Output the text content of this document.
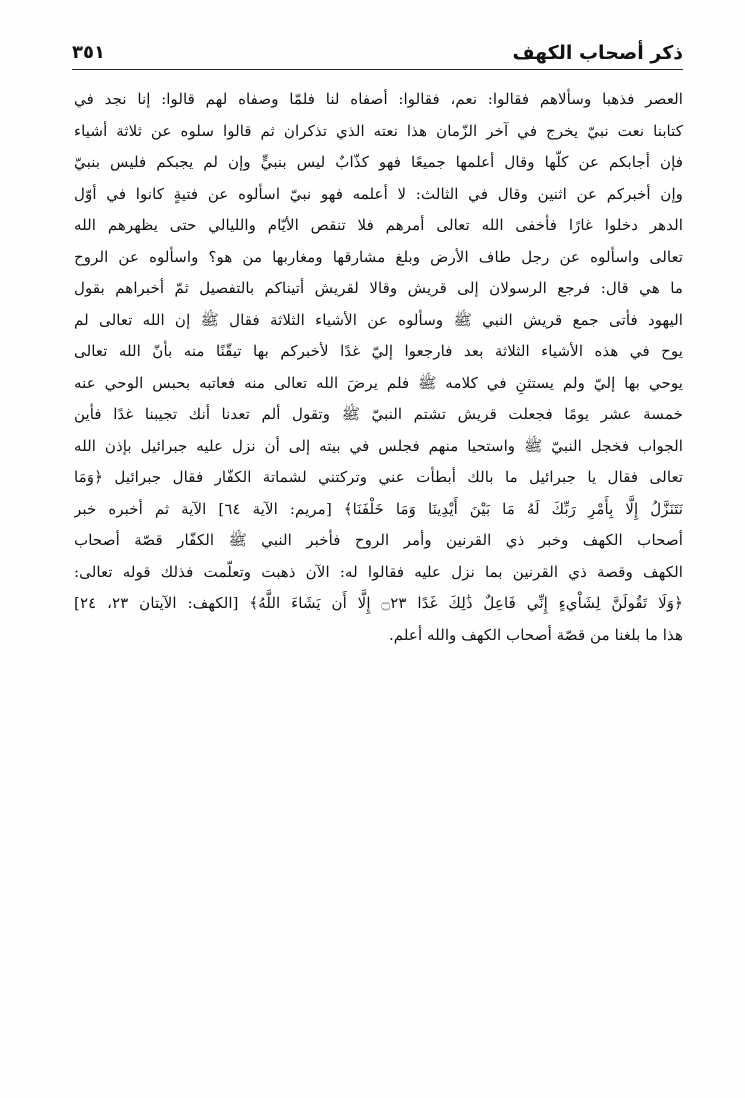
ذكر أصحاب الكهف
٣٥١
العصر فذهبا وسألاهم فقالوا: نعم، فقالوا: أصفاه لنا فلمّا وصفاه لهم قالوا: إنا نجد في
كتابنا نعت نبيّ يخرج في آخر الزّمان هذا نعته الذي تذكران ثم قالوا سلوه عن ثلاثة أشياء
فإن أجابكم عن كلّها وقال أعلمها جميعًا فهو كذّابٌ ليس بنبيٍّ وإن لم يجبكم فليس بنبيّ
وإن أخبركم عن اثنين وقال في الثالث: لا أعلمه فهو نبيّ اسألوه عن فتيةٍ كانوا في أوّل
الدهر دخلوا غارًا فأخفى الله تعالى أمرهم فلا تنقص الأيّام والليالي حتى يظهرهم الله
تعالى واسألوه عن رجل طاف الأرض وبلغ مشارقها ومغاربها من هو؟ واسألوه عن الروح
ما هي قال: فرجع الرسولان إلى قريش وقالا لقريش أتيناكم بالتفصيل ثمّ أخبراهم بقول
اليهود فأتى جمع قريش النبي ﷺ وسألوه عن الأشياء الثلاثة فقال ﷺ إن الله تعالى لم
يوح في هذه الأشياء الثلاثة بعد فارجعوا إليّ غدًا لأخبركم بها تيقّنًا منه بأنّ الله تعالى
يوحي بها إليّ ولم يستثنِ في كلامه ﷺ فلم يرضَ الله تعالى منه فعاتبه بحبس الوحي عنه
خمسة عشر يومًا فجعلت قريش تشتم النبيّ ﷺ وتقول ألم تعدنا أنك تجيبنا غدًا فأين
الجواب فخجل النبيّ ﷺ واستحيا منهم فجلس في بيته إلى أن نزل عليه جبرائيل بإذن الله
تعالى فقال يا جبرائيل ما بالك أبطأت عني وتركتني لشماتة الكفّار فقال جبرائيل ﴿وَمَا
نَتَنَزَّلُ إِلَّا بِأَمْرِ رَبِّكَ لَهُ مَا بَيْنَ أَيْدِينَا وَمَا خَلْفَنَا﴾ [مريم: الآية ٦٤] الآية ثم أخبره خبر
أصحاب الكهف وخبر ذي القرنين وأمر الروح فأخبر النبي ﷺ الكفّار قصّة أصحاب
الكهف وقصة ذي القرنين بما نزل عليه فقالوا له: الآن ذهبت وتعلّمت فذلك قوله تعالى:
﴿وَلَا تَقُولَنَّ لِشَاْيءٍ إِنِّي فَاعِلٌ ذَٰلِكَ غَدًا ۝٢٣ إِلَّا أَن يَشَاءَ اللَّهُ﴾ [الكهف: الآيتان ٢٣، ٢٤]
هذا ما بلغنا من قصّة أصحاب الكهف والله أعلم.
